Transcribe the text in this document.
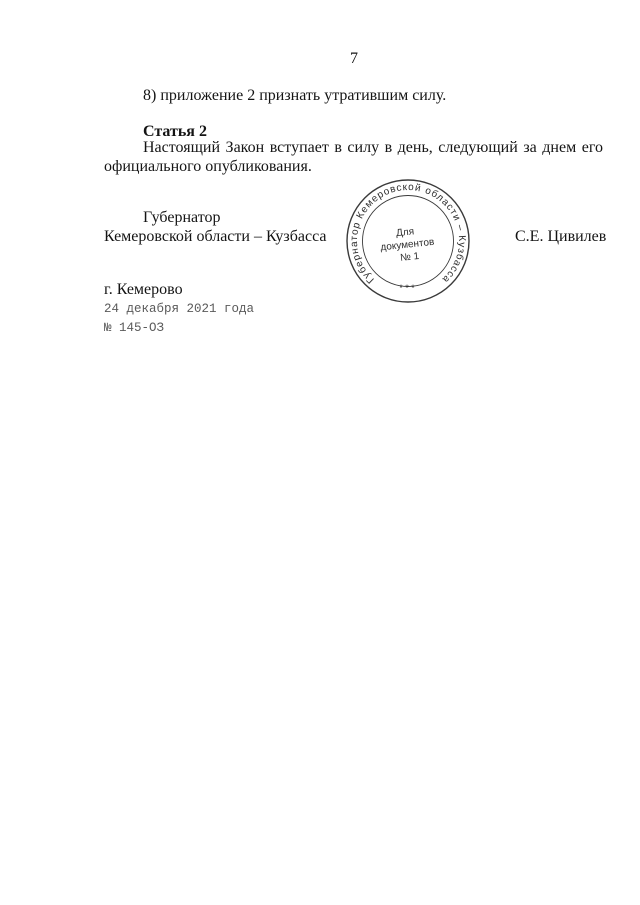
7
8) приложение 2 признать утратившим силу.
Статья 2
Настоящий Закон вступает в силу в день, следующий за днем его официального опубликования.
Губернатор
Кемеровской области – Кузбасса
Губернатор Кемеровской области – Кузбасса
Для
документов
№ 1
* * *
С.Е. Цивилев
г. Кемерово
24 декабря 2021 года
№ 145-ОЗ
